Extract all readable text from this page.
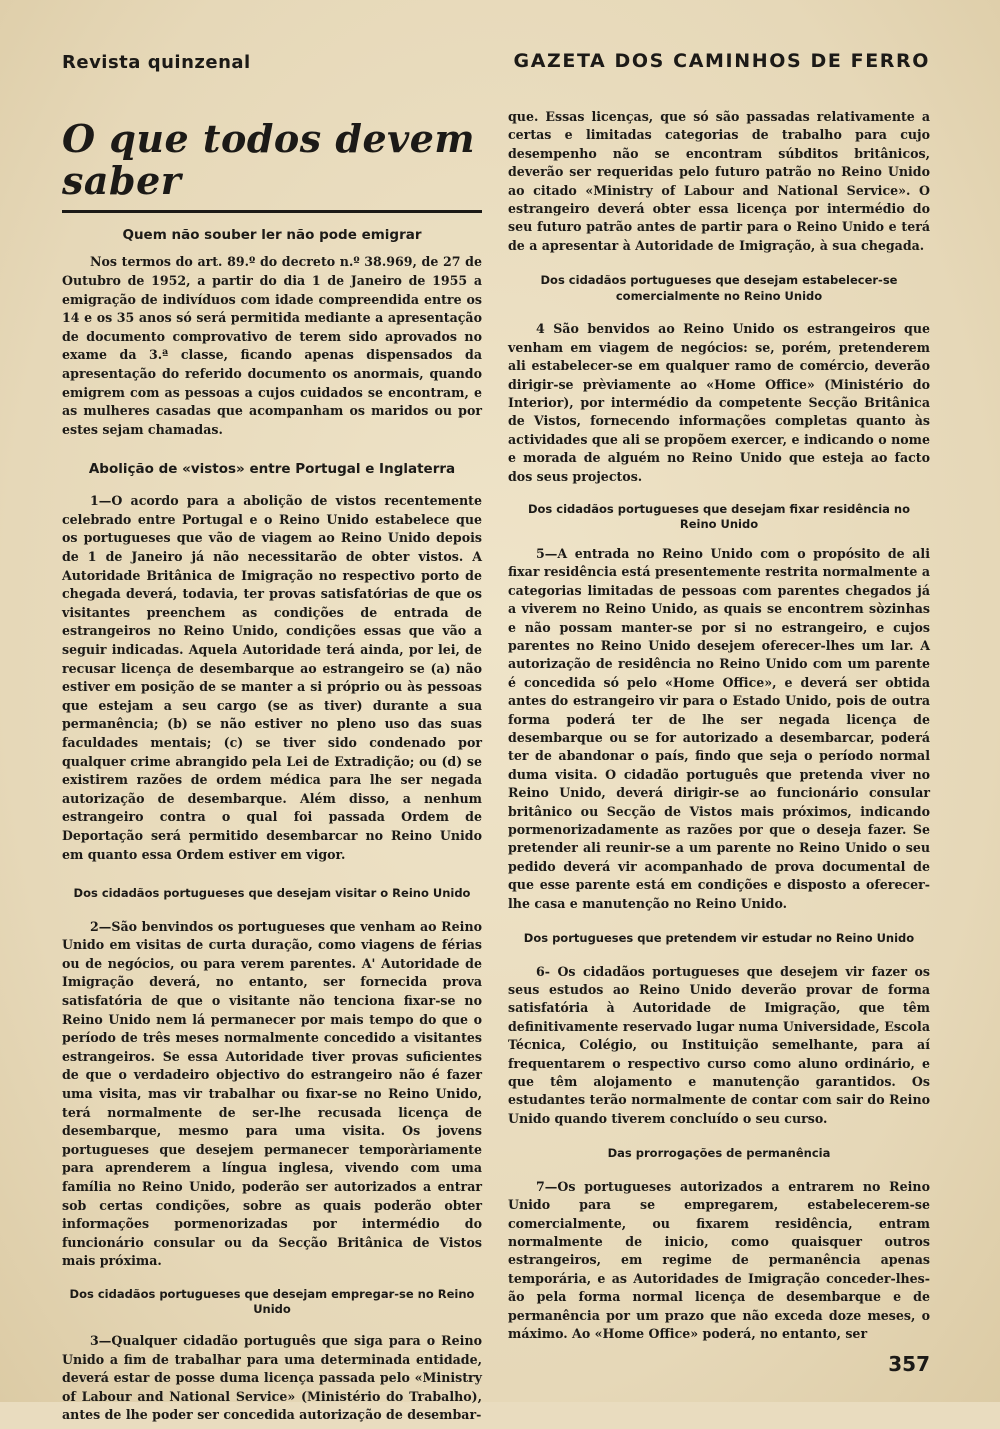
Revista quinzenal	GAZETA DOS CAMINHOS DE FERRO
O que todos devem saber
Quem não souber ler não pode emigrar

Nos termos do art. 89.º do decreto n.º 38.969, de 27 de Outubro de 1952, a partir do dia 1 de Janeiro de 1955 a emigração de indivíduos com idade compreendida entre os 14 e os 35 anos só será permitida mediante a apresentação de documento comprovativo de terem sido aprovados no exame da 3.ª classe, ficando apenas dispensados da apresentação do referido documento os anormais, quando emigrem com as pessoas a cujos cuidados se encontram, e as mulheres casadas que acompanham os maridos ou por estes sejam chamadas.

Abolição de «vistos» entre Portugal e Inglaterra

1—O acordo para a abolição de vistos recentemente celebrado entre Portugal e o Reino Unido estabelece que os portugueses que vão de viagem ao Reino Unido depois de 1 de Janeiro já não necessitarão de obter vistos. A Autoridade Britânica de Imigração no respectivo porto de chegada deverá, todavia, ter provas satisfatórias de que os visitantes preenchem as condições de entrada de estrangeiros no Reino Unido, condições essas que vão a seguir indicadas. Aquela Autoridade terá ainda, por lei, de recusar licença de desembarque ao estrangeiro se (a) não estiver em posição de se manter a si próprio ou às pessoas que estejam a seu cargo (se as tiver) durante a sua permanência; (b) se não estiver no pleno uso das suas faculdades mentais; (c) se tiver sido condenado por qualquer crime abrangido pela Lei de Extradição; ou (d) se existirem razões de ordem médica para lhe ser negada autorização de desembarque. Além disso, a nenhum estrangeiro contra o qual foi passada Ordem de Deportação será permitido desembarcar no Reino Unido em quanto essa Ordem estiver em vigor.

Dos cidadãos portugueses que desejam visitar o Reino Unido

2—São benvindos os portugueses que venham ao Reino Unido em visitas de curta duração, como viagens de férias ou de negócios, ou para verem parentes. A' Autoridade de Imigração deverá, no entanto, ser fornecida prova satisfatória de que o visitante não tenciona fixar-se no Reino Unido nem lá permanecer por mais tempo do que o período de três meses normalmente concedido a visitantes estrangeiros. Se essa Autoridade tiver provas suficientes de que o verdadeiro objectivo do estrangeiro não é fazer uma visita, mas vir trabalhar ou fixar-se no Reino Unido, terá normalmente de ser-lhe recusada licença de desembarque, mesmo para uma visita. Os jovens portugueses que desejem permanecer temporàriamente para aprenderem a língua inglesa, vivendo com uma família no Reino Unido, poderão ser autorizados a entrar sob certas condições, sobre as quais poderão obter informações pormenorizadas por intermédio do funcionário consular ou da Secção Britânica de Vistos mais próxima.

Dos cidadãos portugueses que desejam empregar-se no Reino Unido

3—Qualquer cidadão português que siga para o Reino Unido a fim de trabalhar para uma determinada entidade, deverá estar de posse duma licença passada pelo «Ministry of Labour and National Service» (Ministério do Trabalho), antes de lhe poder ser concedida autorização de desembar-

que. Essas licenças, que só são passadas relativamente a certas e limitadas categorias de trabalho para cujo desempenho não se encontram súbditos britânicos, deverão ser requeridas pelo futuro patrão no Reino Unido ao citado «Ministry of Labour and National Service». O estrangeiro deverá obter essa licença por intermédio do seu futuro patrão antes de partir para o Reino Unido e terá de a apresentar à Autoridade de Imigração, à sua chegada.

Dos cidadãos portugueses que desejam estabelecer-se comercialmente no Reino Unido

4 São benvidos ao Reino Unido os estrangeiros que venham em viagem de negócios: se, porém, pretenderem ali estabelecer-se em qualquer ramo de comércio, deverão dirigir-se prèviamente ao «Home Office» (Ministério do Interior), por intermédio da competente Secção Britânica de Vistos, fornecendo informações completas quanto às actividades que ali se propõem exercer, e indicando o nome e morada de alguém no Reino Unido que esteja ao facto dos seus projectos.

Dos cidadãos portugueses que desejam fixar residência no Reino Unido

5—A entrada no Reino Unido com o propósito de ali fixar residência está presentemente restrita normalmente a categorias limitadas de pessoas com parentes chegados já a viverem no Reino Unido, as quais se encontrem sòzinhas e não possam manter-se por si no estrangeiro, e cujos parentes no Reino Unido desejem oferecer-lhes um lar. A autorização de residência no Reino Unido com um parente é concedida só pelo «Home Office», e deverá ser obtida antes do estrangeiro vir para o Estado Unido, pois de outra forma poderá ter de lhe ser negada licença de desembarque ou se for autorizado a desembarcar, poderá ter de abandonar o país, findo que seja o período normal duma visita. O cidadão português que pretenda viver no Reino Unido, deverá dirigir-se ao funcionário consular britânico ou Secção de Vistos mais próximos, indicando pormenorizadamente as razões por que o deseja fazer. Se pretender ali reunir-se a um parente no Reino Unido o seu pedido deverá vir acompanhado de prova documental de que esse parente está em condições e disposto a oferecer-lhe casa e manutenção no Reino Unido.

Dos portugueses que pretendem vir estudar no Reino Unido

6- Os cidadãos portugueses que desejem vir fazer os seus estudos ao Reino Unido deverão provar de forma satisfatória à Autoridade de Imigração, que têm definitivamente reservado lugar numa Universidade, Escola Técnica, Colégio, ou Instituição semelhante, para aí frequentarem o respectivo curso como aluno ordinário, e que têm alojamento e manutenção garantidos. Os estudantes terão normalmente de contar com sair do Reino Unido quando tiverem concluído o seu curso.

Das prorrogações de permanência

7—Os portugueses autorizados a entrarem no Reino Unido para se empregarem, estabelecerem-se comercialmente, ou fixarem residência, entram normalmente de inicio, como quaisquer outros estrangeiros, em regime de permanência apenas temporária, e as Autoridades de Imigração conceder-lhes-ão pela forma normal licença de desembarque e de permanência por um prazo que não exceda doze meses, o máximo. Ao «Home Office» poderá, no entanto, ser

357
